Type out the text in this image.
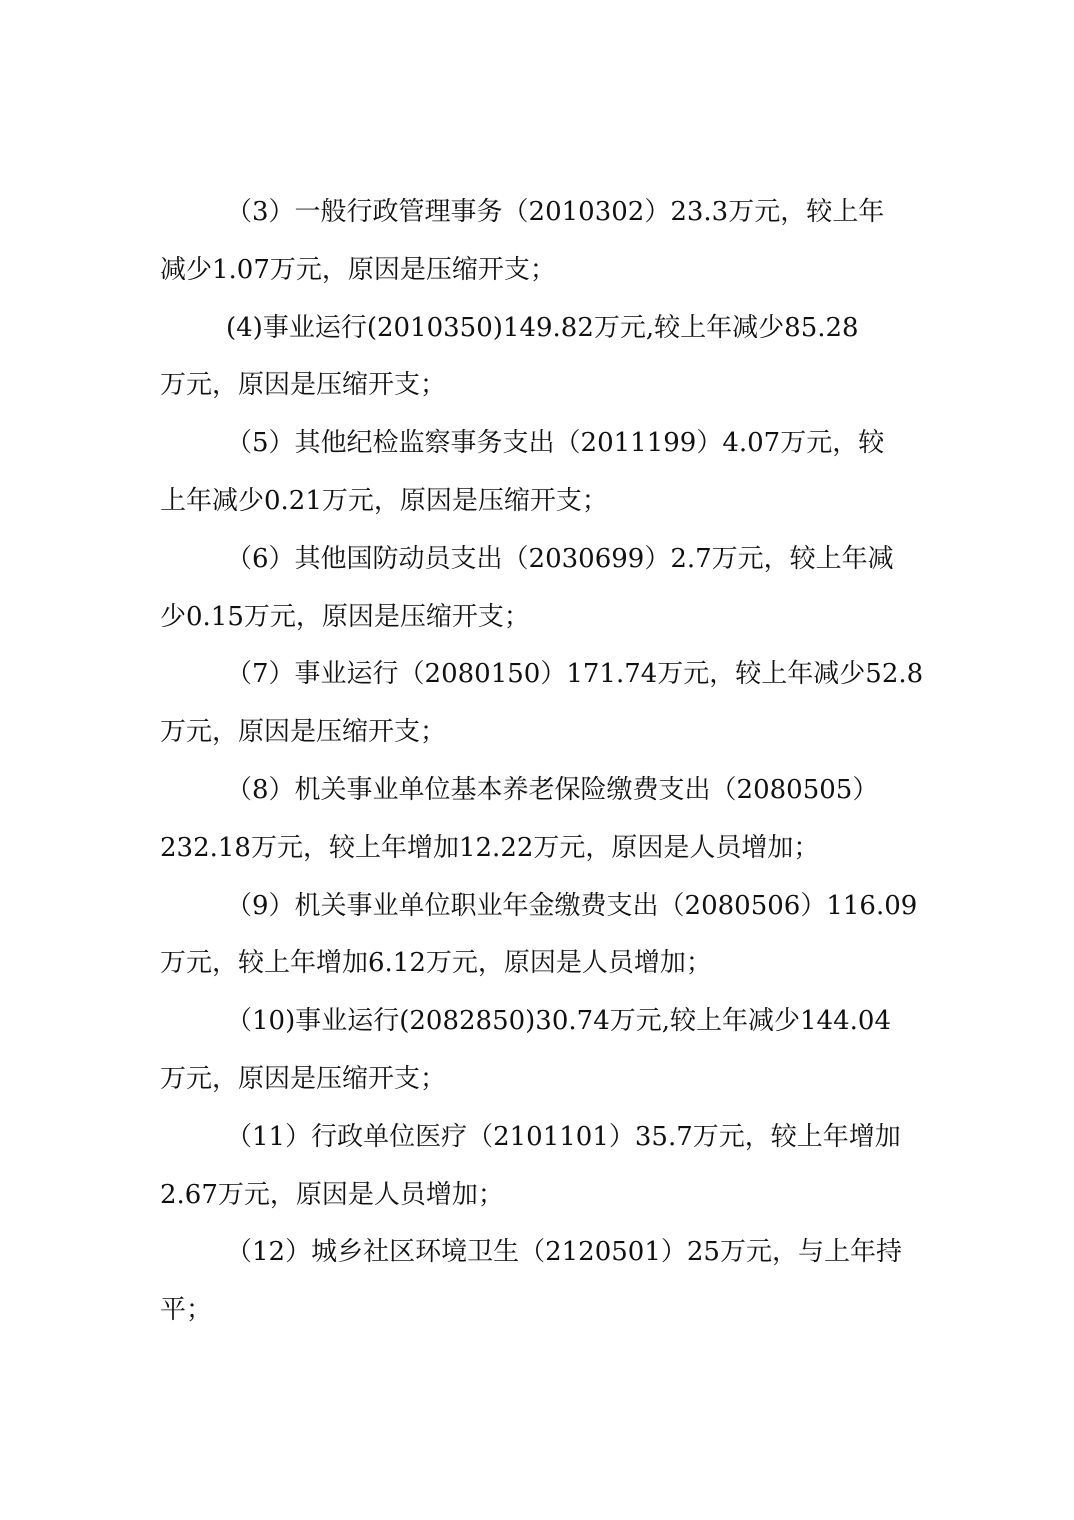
（3）一般行政管理事务（2010302）23.3万元，较上年
减少1.07万元，原因是压缩开支；
(4)事业运行(2010350)149.82万元,较上年减少85.28
万元，原因是压缩开支；
（5）其他纪检监察事务支出（2011199）4.07万元，较
上年减少0.21万元，原因是压缩开支；
（6）其他国防动员支出（2030699）2.7万元，较上年减
少0.15万元，原因是压缩开支；
（7）事业运行（2080150）171.74万元，较上年减少52.8
万元，原因是压缩开支；
（8）机关事业单位基本养老保险缴费支出（2080505）
232.18万元，较上年增加12.22万元，原因是人员增加；
（9）机关事业单位职业年金缴费支出（2080506）116.09
万元，较上年增加6.12万元，原因是人员增加；
（10)事业运行(2082850)30.74万元,较上年减少144.04
万元，原因是压缩开支；
（11）行政单位医疗（2101101）35.7万元，较上年增加
2.67万元，原因是人员增加；
（12）城乡社区环境卫生（2120501）25万元，与上年持
平；
